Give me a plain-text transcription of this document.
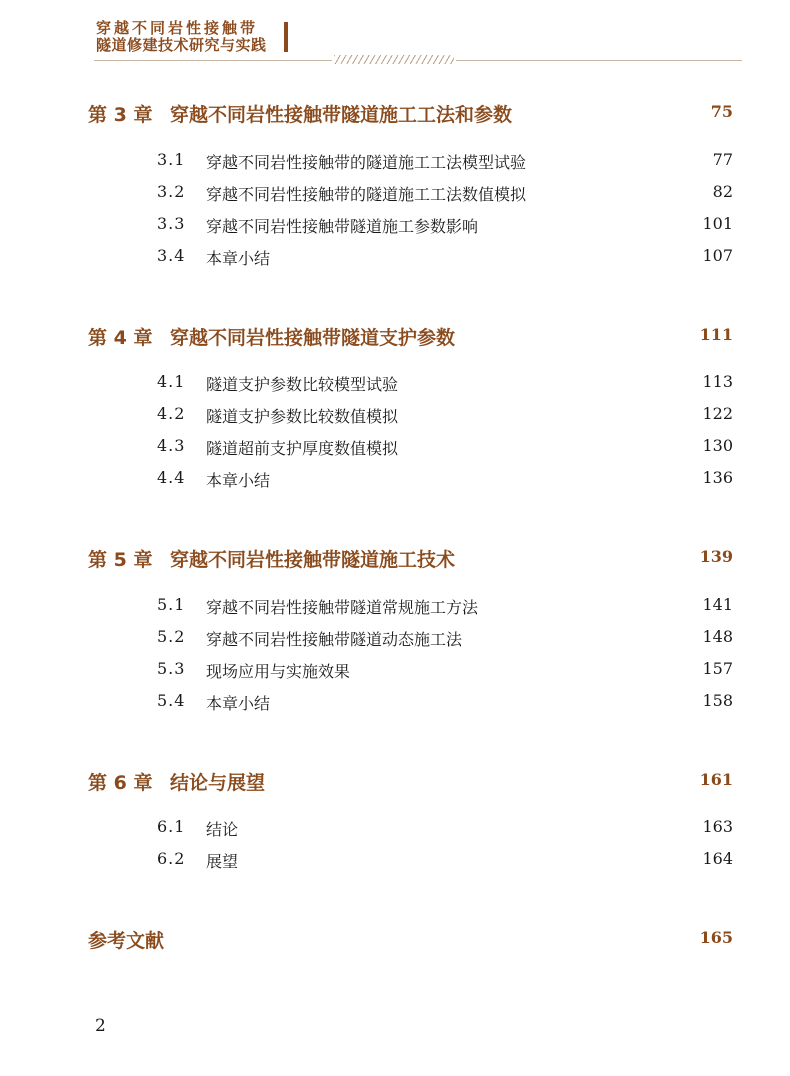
穿越不同岩性接触带
隧道修建技术研究与实践
第 3 章 穿越不同岩性接触带隧道施工工法和参数	75
3.1 穿越不同岩性接触带的隧道施工工法模型试验	77
3.2 穿越不同岩性接触带的隧道施工工法数值模拟	82
3.3 穿越不同岩性接触带隧道施工参数影响	101
3.4 本章小结	107
第 4 章 穿越不同岩性接触带隧道支护参数	111
4.1 隧道支护参数比较模型试验	113
4.2 隧道支护参数比较数值模拟	122
4.3 隧道超前支护厚度数值模拟	130
4.4 本章小结	136
第 5 章 穿越不同岩性接触带隧道施工技术	139
5.1 穿越不同岩性接触带隧道常规施工方法	141
5.2 穿越不同岩性接触带隧道动态施工法	148
5.3 现场应用与实施效果	157
5.4 本章小结	158
第 6 章 结论与展望	161
6.1 结论	163
6.2 展望	164
参考文献	165
2
